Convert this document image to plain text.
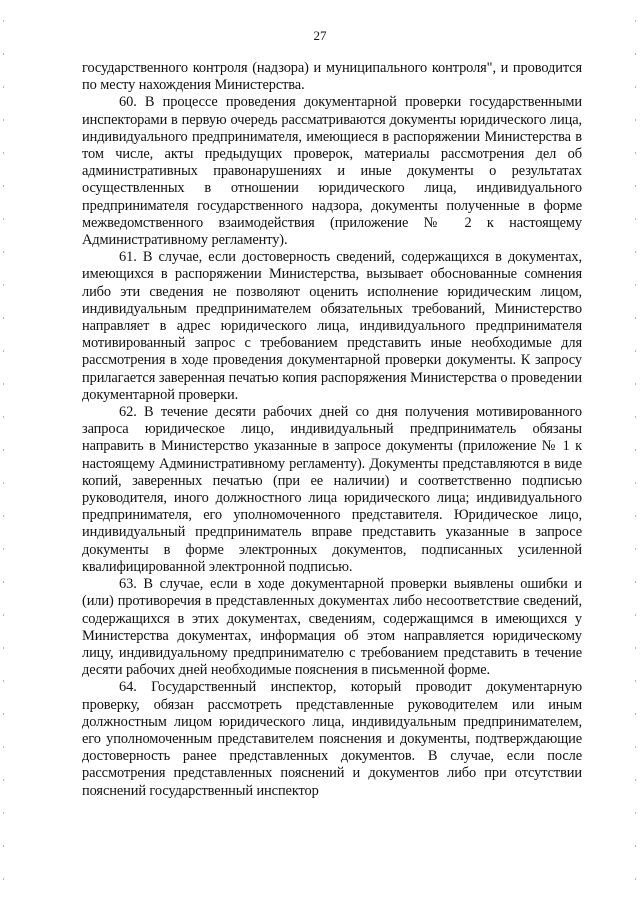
27

государственного контроля (надзора) и муниципального контроля", и проводится по месту нахождения Министерства.

60. В процессе проведения документарной проверки государственными инспекторами в первую очередь рассматриваются документы юридического лица, индивидуального предпринимателя, имеющиеся в распоряжении Министерства в том числе, акты предыдущих проверок, материалы рассмотрения дел об административных правонарушениях и иные документы о результатах осуществленных в отношении юридического лица, индивидуального предпринимателя государственного надзора, документы полученные в форме межведомственного взаимодействия (приложение № 2 к настоящему Административному регламенту).

61. В случае, если достоверность сведений, содержащихся в документах, имеющихся в распоряжении Министерства, вызывает обоснованные сомнения либо эти сведения не позволяют оценить исполнение юридическим лицом, индивидуальным предпринимателем обязательных требований, Министерство направляет в адрес юридического лица, индивидуального предпринимателя мотивированный запрос с требованием представить иные необходимые для рассмотрения в ходе проведения документарной проверки документы. К запросу прилагается заверенная печатью копия распоряжения Министерства о проведении документарной проверки.

62. В течение десяти рабочих дней со дня получения мотивированного запроса юридическое лицо, индивидуальный предприниматель обязаны направить в Министерство указанные в запросе документы (приложение № 1 к настоящему Административному регламенту). Документы представляются в виде копий, заверенных печатью (при ее наличии) и соответственно подписью руководителя, иного должностного лица юридического лица; индивидуального предпринимателя, его уполномоченного представителя. Юридическое лицо, индивидуальный предприниматель вправе представить указанные в запросе документы в форме электронных документов, подписанных усиленной квалифицированной электронной подписью.

63. В случае, если в ходе документарной проверки выявлены ошибки и (или) противоречия в представленных документах либо несоответствие сведений, содержащихся в этих документах, сведениям, содержащимся в имеющихся у Министерства документах, информация об этом направляется юридическому лицу, индивидуальному предпринимателю с требованием представить в течение десяти рабочих дней необходимые пояснения в письменной форме.

64. Государственный инспектор, который проводит документарную проверку, обязан рассмотреть представленные руководителем или иным должностным лицом юридического лица, индивидуальным предпринимателем, его уполномоченным представителем пояснения и документы, подтверждающие достоверность ранее представленных документов. В случае, если после рассмотрения представленных пояснений и документов либо при отсутствии пояснений государственный инспектор
